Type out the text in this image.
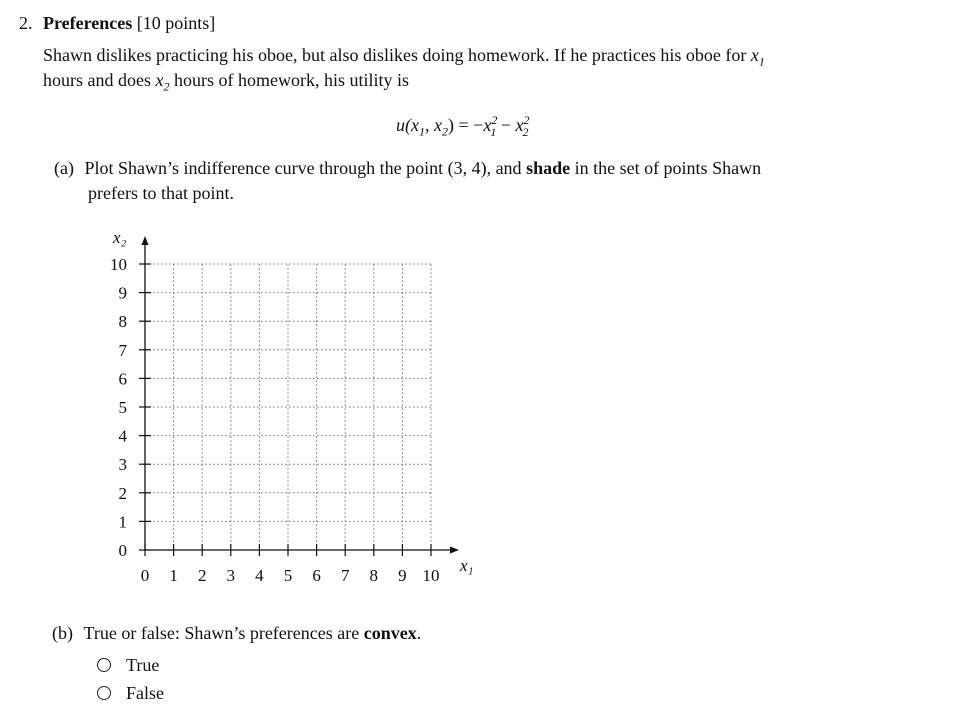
2. Preferences [10 points]
Shawn dislikes practicing his oboe, but also dislikes doing homework. If he practices his oboe for $x_1$
hours and does $x_2$ hours of homework, his utility is
$u(x_1$, $x_2) = -x^2_1 - x^2_2$
(a) Plot Shawn’s indifference curve through the point (3, 4), and shade in the set of points Shawn
prefers to that point.
0 1 2 3 4 5 6 7 8 9 10
0
1
2
3
4
5
6
7
8
9
10
x₁
x₂
(b) True or false: Shawn’s preferences are convex.
True
False
